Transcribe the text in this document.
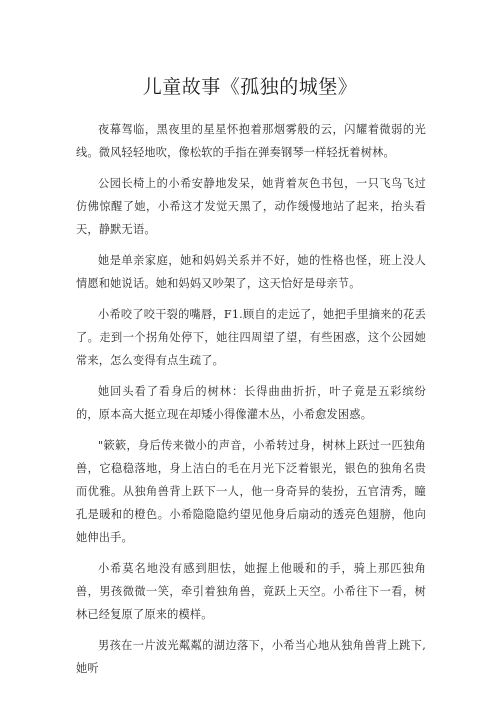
儿童故事《孤独的城堡》

夜幕驾临，黑夜里的星星怀抱着那烟雾般的云，闪耀着微弱的光线。微风轻轻地吹，像松软的手指在弹奏钢琴一样轻抚着树林。

公园长椅上的小希安静地发呆，她背着灰色书包，一只飞鸟飞过仿佛惊醒了她，小希这才发觉天黑了，动作缓慢地站了起来，抬头看天，静默无语。

她是单亲家庭，她和妈妈关系并不好，她的性格也怪，班上没人情愿和她说话。她和妈妈又吵架了，这天恰好是母亲节。

小希咬了咬干裂的嘴唇，F1.顾自的走远了，她把手里摘来的花丢了。走到一个拐角处停下，她往四周望了望，有些困惑，这个公园她常来，怎么变得有点生疏了。

她回头看了看身后的树林：长得曲曲折折，叶子竟是五彩缤纷的，原本高大挺立现在却矮小得像灌木丛，小希愈发困惑。

"簌簌，身后传来微小的声音，小希转过身，树林上跃过一匹独角兽，它稳稳落地，身上洁白的毛在月光下泛着银光，银色的独角名贵而优雅。从独角兽背上跃下一人，他一身奇异的装扮，五官清秀，瞳孔是暖和的橙色。小希隐隐隐约望见他身后扇动的透亮色翅膀，他向她伸出手。

小希莫名地没有感到胆怯，她握上他暖和的手，骑上那匹独角兽，男孩微微一笑，牵引着独角兽，竟跃上天空。小希往下一看，树林已经复原了原来的模样。

男孩在一片波光粼粼的湖边落下，小希当心地从独角兽背上跳下,她听
